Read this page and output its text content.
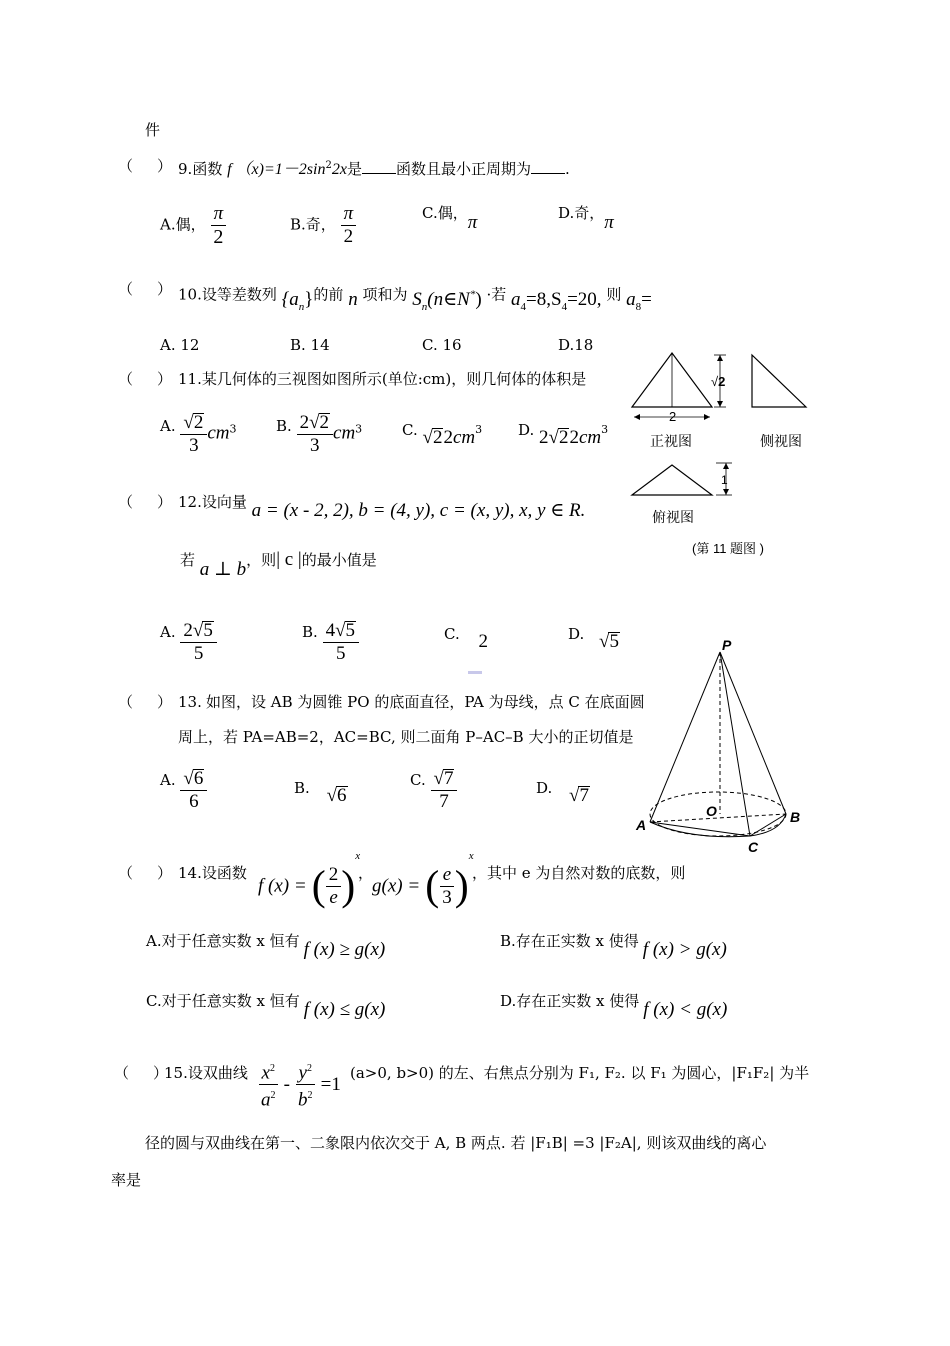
件
（ ） 9.函数 f $(x)=1-2\sin^22x$是 函数且最小正周期为 .
A.偶， $\frac{\pi}{2}$	B.奇， $\frac{\pi}{2}$	C.偶，π	D.奇，π
（ ） 10.设等差数列 $\{a_n\}$的前 n 项和为 $S_n(n\in N^*)$ ·若 $a_4=8,S_4=20$, 则 $a_8=$
A. 12	B. 14	C. 16	D.18
（ ） 11.某几何体的三视图如图所示(单位:cm)，则几何体的体积是
A. $\frac{√2}{3} cm^3$	B. $\frac{2√2}{3} cm^3$	C. $√22cm^3$ D. $2√22cm^3$
2
√2
正视图	侧视图
1
俯视图
(第 11 题图 )
（ ） 12.设向量 a = (x - 2, 2), b = (4, y), c = (x, y), x, y ∈ R.
若 a ⊥ b，则| c |的最小值是
A. $\frac{2√5}{5}$	B. $\frac{4√5}{5}$	C. 2	D. √5
（ ） 13. 如图，设 AB 为圆锥 PO 的底面直径，PA 为母线，点 C 在底面圆
周上，若 PA=AB=2，AC=BC, 则二面角 P–AC–B 大小的正切值是
A. $\frac{√6}{6}$	B. √6
C. $\frac{√7}{7}$	D. √7
P
O
A	B
C
（ ） 14.设函数
f (x) = ( $\frac{2}{e} )^x$
，
g(x) = ( $\frac{e}{3} )^x$
，其中 e 为自然对数的底数，则
A.对于任意实数 x 恒有 f (x) ≥ g(x)	B.存在正实数 x 使得 f (x) > g(x)
C.对于任意实数 x 恒有 f (x) ≤ g(x)	D.存在正实数 x 使得 f (x) < g(x)
（ ）
15.设双曲线 $\frac{x^2}{a^2} - \frac{y^2}{b^2} =1$
(a>0, b>0) 的左、右焦点分别为 F₁, F₂. 以 F₁ 为圆心，|F₁F₂| 为半
径的圆与双曲线在第一、二象限内依次交于 A, B 两点. 若 |F₁B| =3 |F₂A|, 则该双曲线的离心
率是
